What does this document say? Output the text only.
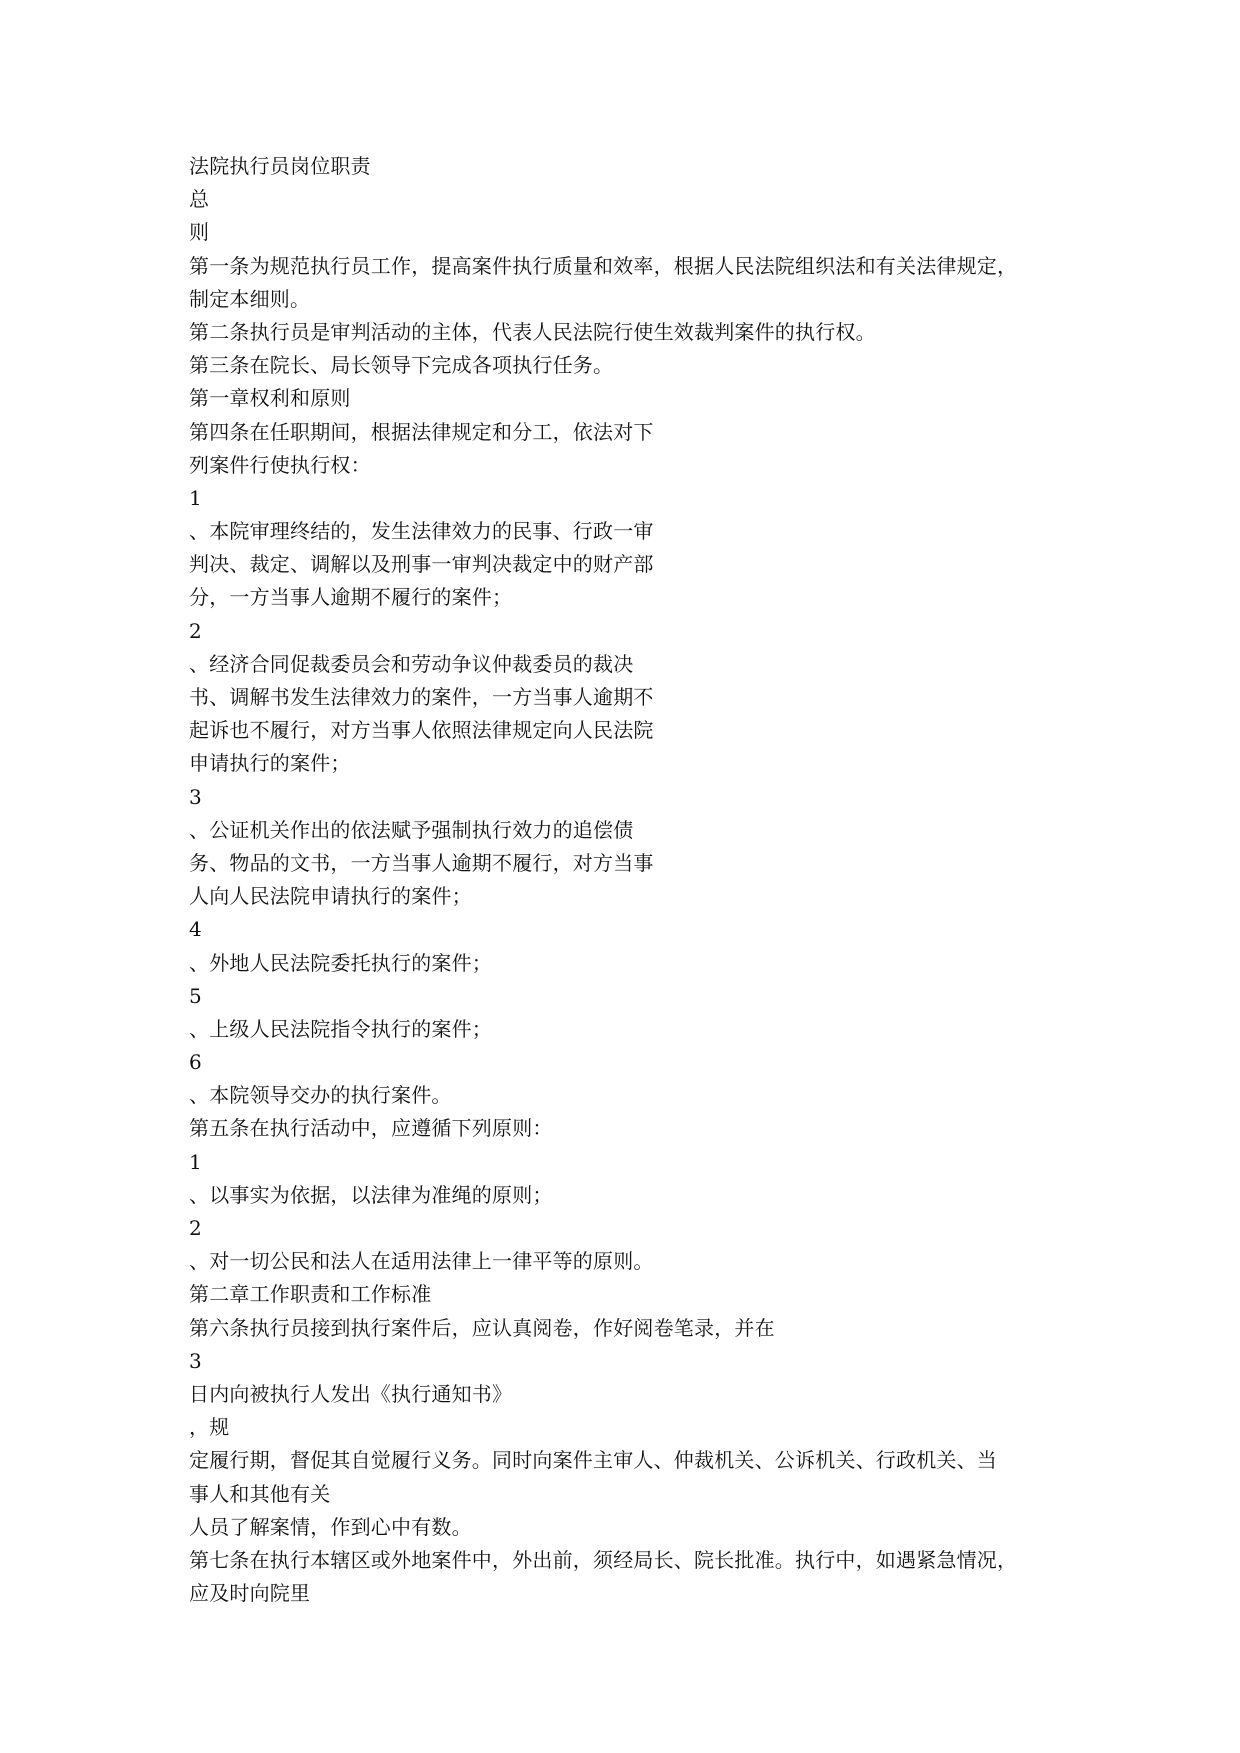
法院执行员岗位职责
总
则
第一条为规范执行员工作，提高案件执行质量和效率，根据人民法院组织法和有关法律规定，
制定本细则。
第二条执行员是审判活动的主体，代表人民法院行使生效裁判案件的执行权。
第三条在院长、局长领导下完成各项执行任务。
第一章权利和原则
第四条在任职期间，根据法律规定和分工，依法对下
列案件行使执行权：
1
、本院审理终结的，发生法律效力的民事、行政一审
判决、裁定、调解以及刑事一审判决裁定中的财产部
分，一方当事人逾期不履行的案件；
2
、经济合同促裁委员会和劳动争议仲裁委员的裁决
书、调解书发生法律效力的案件，一方当事人逾期不
起诉也不履行，对方当事人依照法律规定向人民法院
申请执行的案件；
3
、公证机关作出的依法赋予强制执行效力的追偿债
务、物品的文书，一方当事人逾期不履行，对方当事
人向人民法院申请执行的案件；
4
、外地人民法院委托执行的案件；
5
、上级人民法院指令执行的案件；
6
、本院领导交办的执行案件。
第五条在执行活动中，应遵循下列原则：
1
、以事实为依据，以法律为准绳的原则；
2
、对一切公民和法人在适用法律上一律平等的原则。
第二章工作职责和工作标准
第六条执行员接到执行案件后，应认真阅卷，作好阅卷笔录，并在
3
日内向被执行人发出《执行通知书》
，规
定履行期，督促其自觉履行义务。同时向案件主审人、仲裁机关、公诉机关、行政机关、当
事人和其他有关
人员了解案情，作到心中有数。
第七条在执行本辖区或外地案件中，外出前，须经局长、院长批准。执行中，如遇紧急情况，
应及时向院里
